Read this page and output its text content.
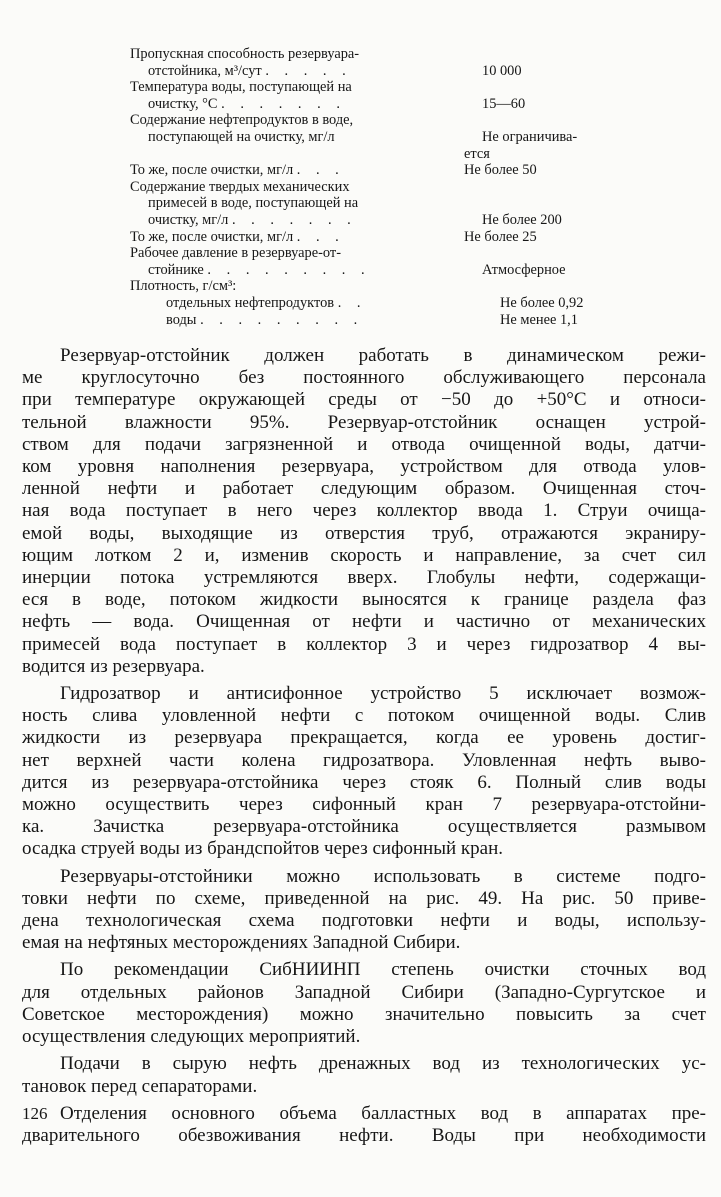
Пропускная способность резервуара-
отстойника, м³/сут . . . . .	10 000
Температура воды, поступающей на
очистку, °С . . . . . . .	15—60
Содержание нефтепродуктов в воде,
поступающей на очистку, мг/л	Не ограничива-
ется
То же, после очистки, мг/л . . .	Не более 50
Содержание твердых механических
примесей в воде, поступающей на
очистку, мг/л . . . . . . .	Не более 200
То же, после очистки, мг/л . . .	Не более 25
Рабочее давление в резервуаре-от-
стойнике . . . . . . . . .	Атмосферное
Плотность, г/см³:
отдельных нефтепродуктов . .	Не более 0,92
воды . . . . . . . . .	Не менее 1,1

Резервуар-отстойник должен работать в динамическом режи-

ме круглосуточно без постоянного обслуживающего персонала

при температуре окружающей среды от −50 до +50°С и относи-

тельной влажности 95%. Резервуар-отстойник оснащен устрой-

ством для подачи загрязненной и отвода очищенной воды, датчи-

ком уровня наполнения резервуара, устройством для отвода улов-

ленной нефти и работает следующим образом. Очищенная сточ-

ная вода поступает в него через коллектор ввода 1. Струи очища-

емой воды, выходящие из отверстия труб, отражаются экраниру-

ющим лотком 2 и, изменив скорость и направление, за счет сил

инерции потока устремляются вверх. Глобулы нефти, содержащи-

еся в воде, потоком жидкости выносятся к границе раздела фаз

нефть — вода. Очищенная от нефти и частично от механических

примесей вода поступает в коллектор 3 и через гидрозатвор 4 вы-

водится из резервуара.

Гидрозатвор и антисифонное устройство 5 исключает возмож-

ность слива уловленной нефти с потоком очищенной воды. Слив

жидкости из резервуара прекращается, когда ее уровень достиг-

нет верхней части колена гидрозатвора. Уловленная нефть выво-

дится из резервуара-отстойника через стояк 6. Полный слив воды

можно осуществить через сифонный кран 7 резервуара-отстойни-

ка. Зачистка резервуара-отстойника осуществляется размывом

осадка струей воды из брандспойтов через сифонный кран.

Резервуары-отстойники можно использовать в системе подго-

товки нефти по схеме, приведенной на рис. 49. На рис. 50 приве-

дена технологическая схема подготовки нефти и воды, использу-

емая на нефтяных месторождениях Западной Сибири.

По рекомендации СибНИИНП степень очистки сточных вод

для отдельных районов Западной Сибири (Западно-Сургутское и

Советское месторождения) можно значительно повысить за счет

осуществления следующих мероприятий.

Подачи в сырую нефть дренажных вод из технологических ус-

тановок перед сепараторами.

Отделения основного объема балластных вод в аппаратах пре-

дварительного обезвоживания нефти. Воды при необходимости

126
